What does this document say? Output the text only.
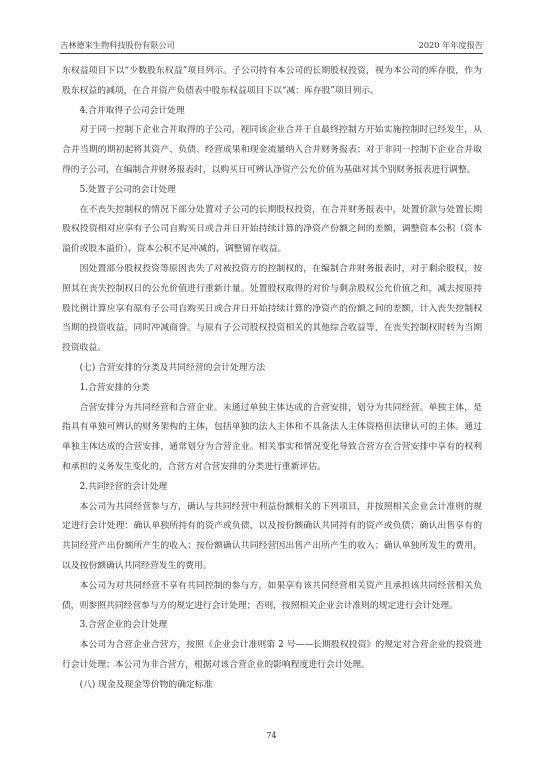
吉林德来生物科技股份有限公司	2020 年年度报告

东权益项目下以“少数股东权益”项目列示。子公司持有本公司的长期股权投资，视为本公司的库存股，作为股东权益的减项，在合并资产负债表中股东权益项目下以“减：库存股”项目列示。

4.合并取得子公司会计处理

对于同一控制下企业合并取得的子公司，视同该企业合并于自最终控制方开始实施控制时已经发生，从合并当期的期初起将其资产、负债、经营成果和现金流量纳入合并财务报表；对于非同一控制下企业合并取得的子公司，在编制合并财务报表时，以购买日可辨认净资产公允价值为基础对其个别财务报表进行调整。

5.处置子公司的会计处理

在不丧失控制权的情况下部分处置对子公司的长期股权投资，在合并财务报表中，处置价款与处置长期股权投资相对应享有子公司自购买日或合并日开始持续计算的净资产份额之间的差额，调整资本公积（资本溢价或股本溢价），资本公积不足冲减的，调整留存收益。

因处置部分股权投资等原因丧失了对被投资方的控制权的，在编制合并财务报表时，对于剩余股权，按照其在丧失控制权日的公允价值进行重新计量。处置股权取得的对价与剩余股权公允价值之和，减去按原持股比例计算应享有原有子公司自购买日或合并日开始持续计算的净资产的份额之间的差额，计入丧失控制权当期的投资收益，同时冲减商誉。与原有子公司股权投资相关的其他综合收益等，在丧失控制权时转为当期投资收益。

(七) 合营安排的分类及共同经营的会计处理方法

1.合营安排的分类

合营安排分为共同经营和合营企业。未通过单独主体达成的合营安排，划分为共同经营。单独主体，是指具有单独可辨认的财务架构的主体，包括单独的法人主体和不具备法人主体资格但法律认可的主体。通过单独主体达成的合营安排，通常划分为合营企业。相关事实和情况变化导致合营方在合营安排中享有的权利和承担的义务发生变化的，合营方对合营安排的分类进行重新评估。

2.共同经营的会计处理

本公司为共同经营参与方，确认与共同经营中利益份额相关的下列项目，并按照相关企业会计准则的规定进行会计处理：确认单独所持有的资产或负债，以及按份额确认共同持有的资产或负债；确认出售享有的共同经营产出份额所产生的收入；按份额确认共同经营因出售产出所产生的收入；确认单独所发生的费用，以及按份额确认共同经营发生的费用。

本公司为对共同经营不享有共同控制的参与方，如果享有该共同经营相关资产且承担该共同经营相关负债，则参照共同经营参与方的规定进行会计处理；否则，按照相关企业会计准则的规定进行会计处理。

3.合营企业的会计处理

本公司为合营企业合营方，按照《企业会计准则第 2 号——长期股权投资》的规定对合营企业的投资进行会计处理；本公司为非合营方，根据对该合营企业的影响程度进行会计处理。

(八) 现金及现金等价物的确定标准

74
